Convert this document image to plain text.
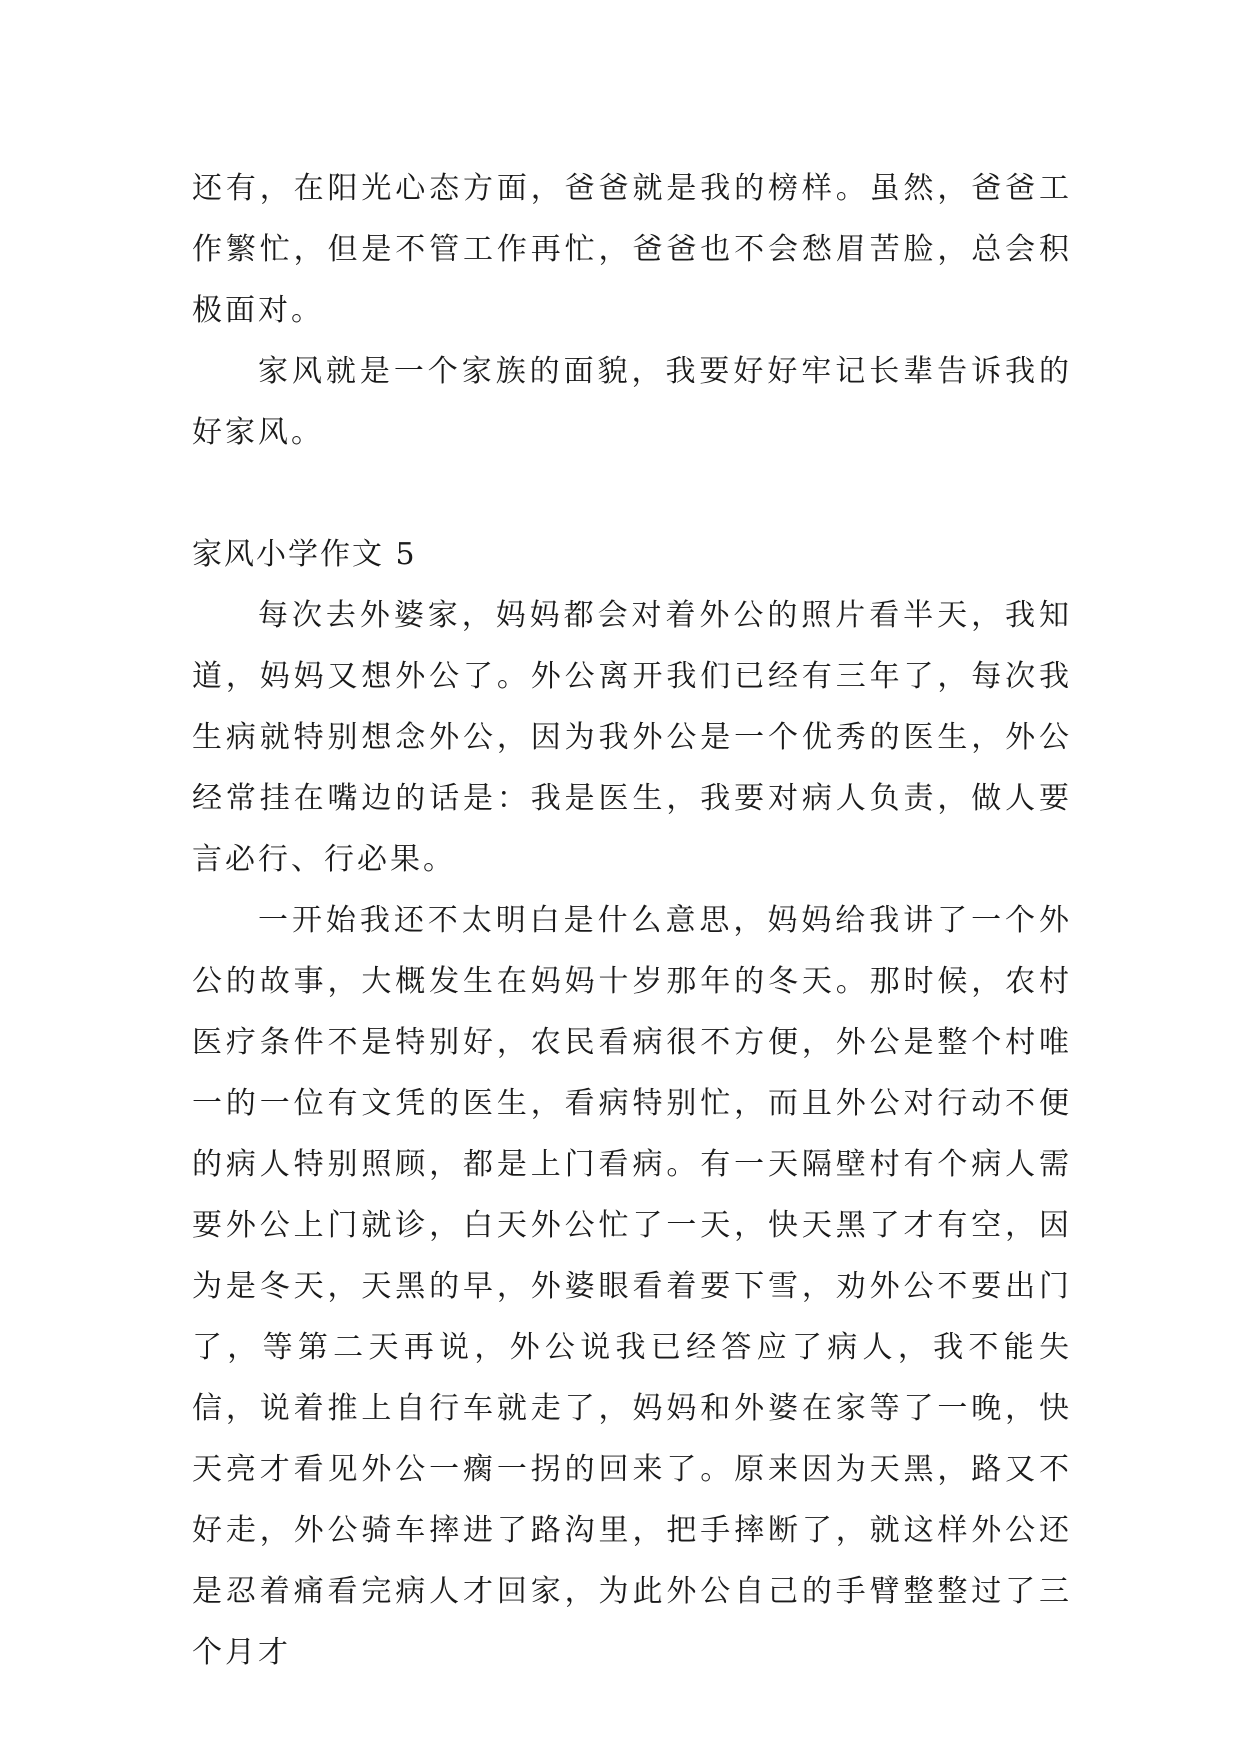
还有，在阳光心态方面，爸爸就是我的榜样。虽然，爸爸工作繁忙，但是不管工作再忙，爸爸也不会愁眉苦脸，总会积极面对。

家风就是一个家族的面貌，我要好好牢记长辈告诉我的好家风。

家风小学作文 5

每次去外婆家，妈妈都会对着外公的照片看半天，我知道，妈妈又想外公了。外公离开我们已经有三年了，每次我生病就特别想念外公，因为我外公是一个优秀的医生，外公经常挂在嘴边的话是：我是医生，我要对病人负责，做人要言必行、行必果。

一开始我还不太明白是什么意思，妈妈给我讲了一个外公的故事，大概发生在妈妈十岁那年的冬天。那时候，农村医疗条件不是特别好，农民看病很不方便，外公是整个村唯一的一位有文凭的医生，看病特别忙，而且外公对行动不便的病人特别照顾，都是上门看病。有一天隔壁村有个病人需要外公上门就诊，白天外公忙了一天，快天黑了才有空，因为是冬天，天黑的早，外婆眼看着要下雪，劝外公不要出门了，等第二天再说，外公说我已经答应了病人，我不能失信，说着推上自行车就走了，妈妈和外婆在家等了一晚，快天亮才看见外公一瘸一拐的回来了。原来因为天黑，路又不好走，外公骑车摔进了路沟里，把手摔断了，就这样外公还是忍着痛看完病人才回家，为此外公自己的手臂整整过了三个月才
